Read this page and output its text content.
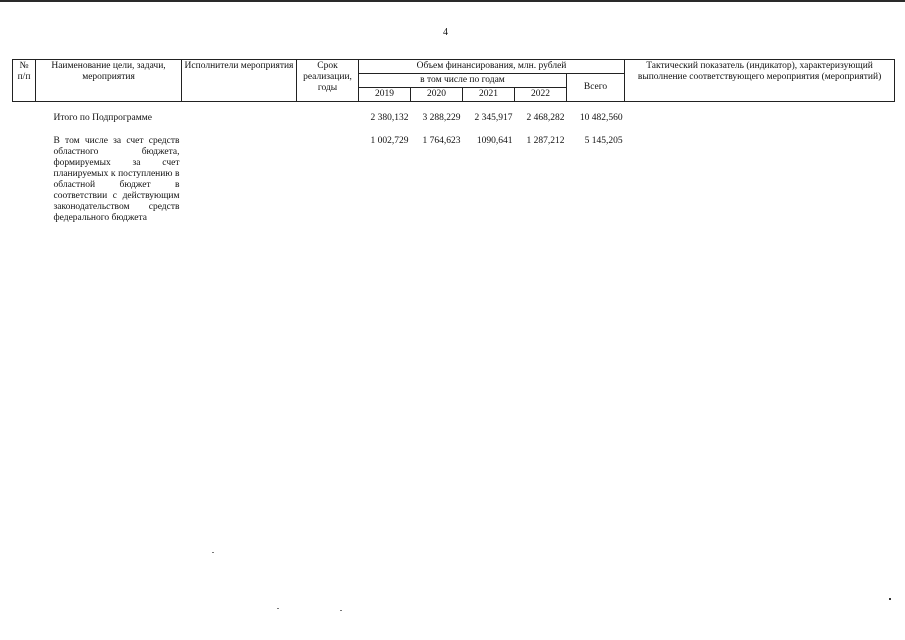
4
№ п/п	Наименование цели, задачи, мероприятия	Исполнители мероприятия	Срок реализации, годы	Объем финансирования, млн. рублей					Тактический показатель (индикатор), характеризующий выполнение соответствующего мероприятия (мероприятий)
				в том числе по годам				Всего	
				2019	2020	2021	2022		
	Итого по Подпрограмме			2 380,132	3 288,229	2 345,917	2 468,282	10 482,560	
	В том числе за счет средств областного бюджета, формируемых за счет планируемых к поступлению в областной бюджет в соответствии с действующим законодательством средств федерального бюджета			1 002,729	1 764,623	1090,641	1 287,212	5 145,205	
